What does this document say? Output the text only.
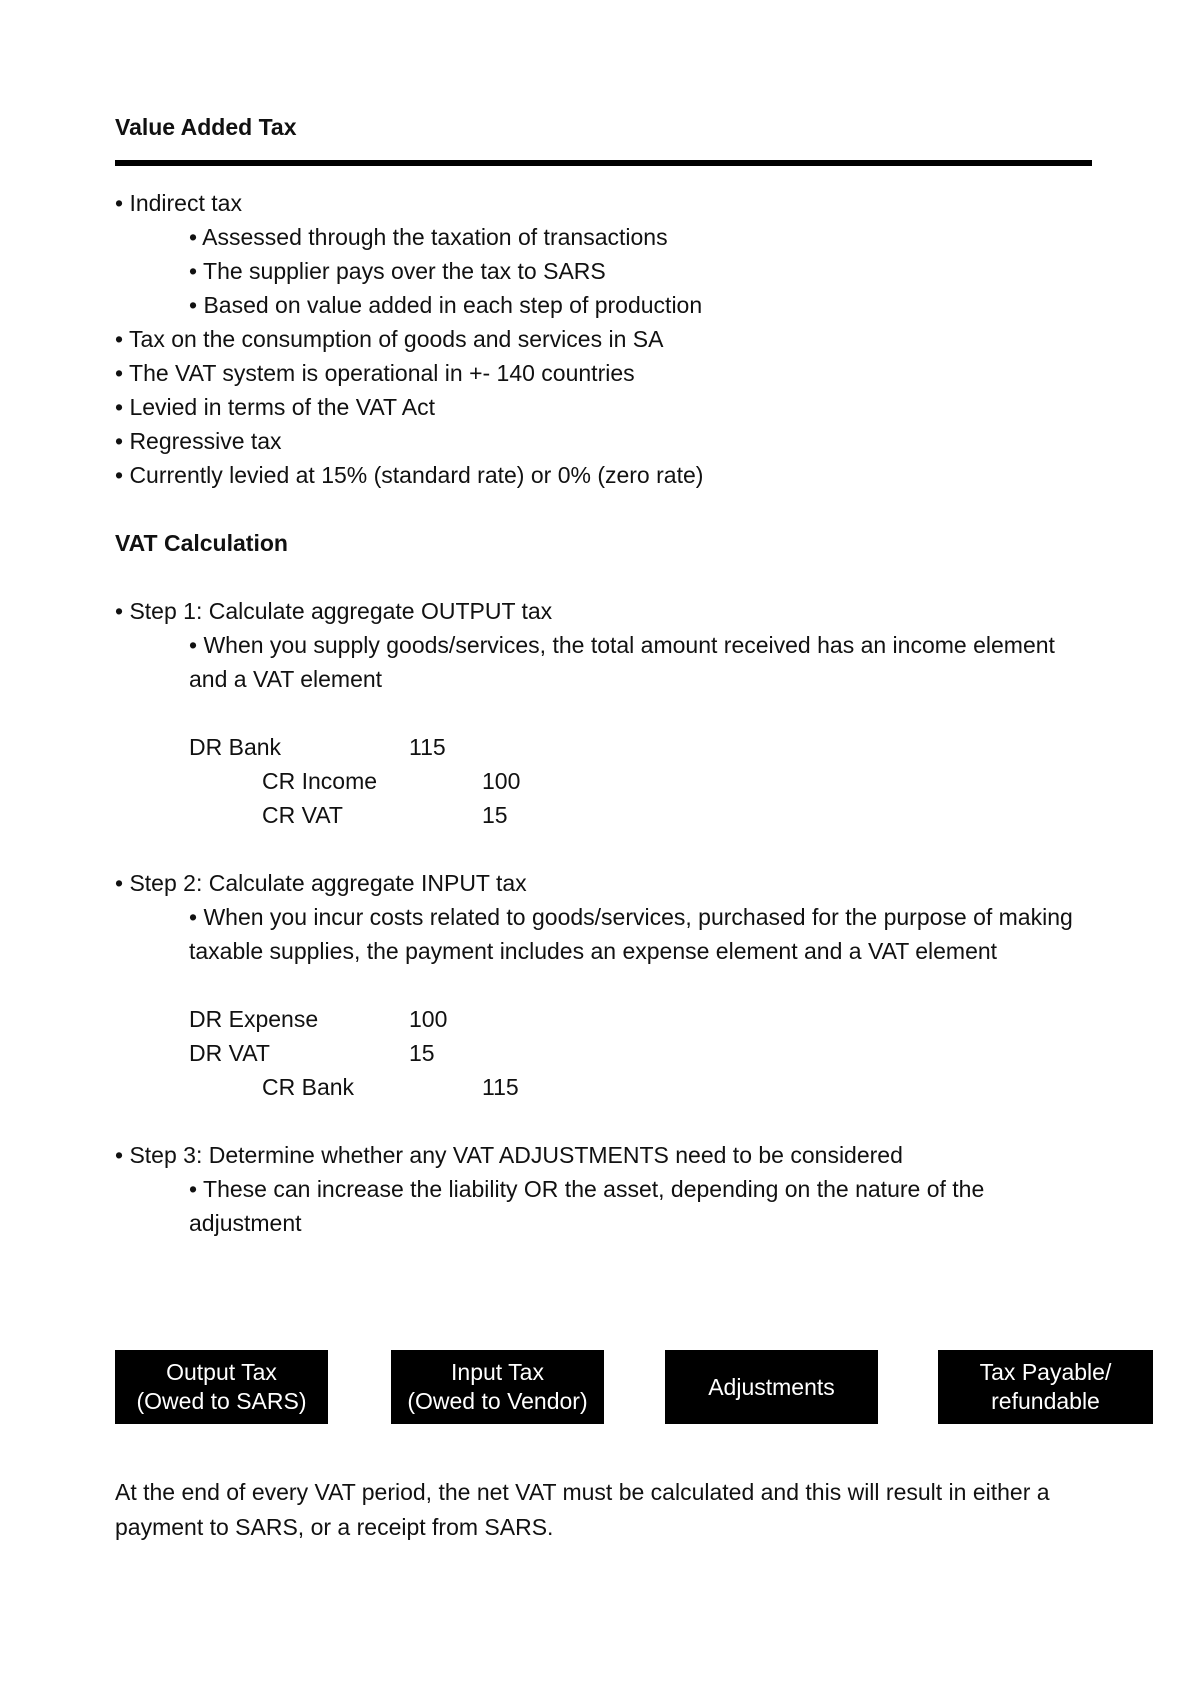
Value Added Tax
• Indirect tax
• Assessed through the taxation of transactions
• The supplier pays over the tax to SARS
• Based on value added in each step of production
• Tax on the consumption of goods and services in SA
• The VAT system is operational in +- 140 countries
• Levied in terms of the VAT Act
• Regressive tax
• Currently levied at 15% (standard rate) or 0% (zero rate)
VAT Calculation
• Step 1: Calculate aggregate OUTPUT tax
• When you supply goods/services, the total amount received has an income element and a VAT element
DR Bank	115
CR Income	100
CR VAT	15
• Step 2: Calculate aggregate INPUT tax
• When you incur costs related to goods/services, purchased for the purpose of making taxable supplies, the payment includes an expense element and a VAT element
DR Expense	100
DR VAT	15
CR Bank	115
• Step 3: Determine whether any VAT ADJUSTMENTS need to be considered
• These can increase the liability OR the asset, depending on the nature of the adjustment
Output Tax
(Owed to SARS)
Input Tax
(Owed to Vendor)
Adjustments
Tax Payable/
refundable
At the end of every VAT period, the net VAT must be calculated and this will result in either a payment to SARS, or a receipt from SARS.
